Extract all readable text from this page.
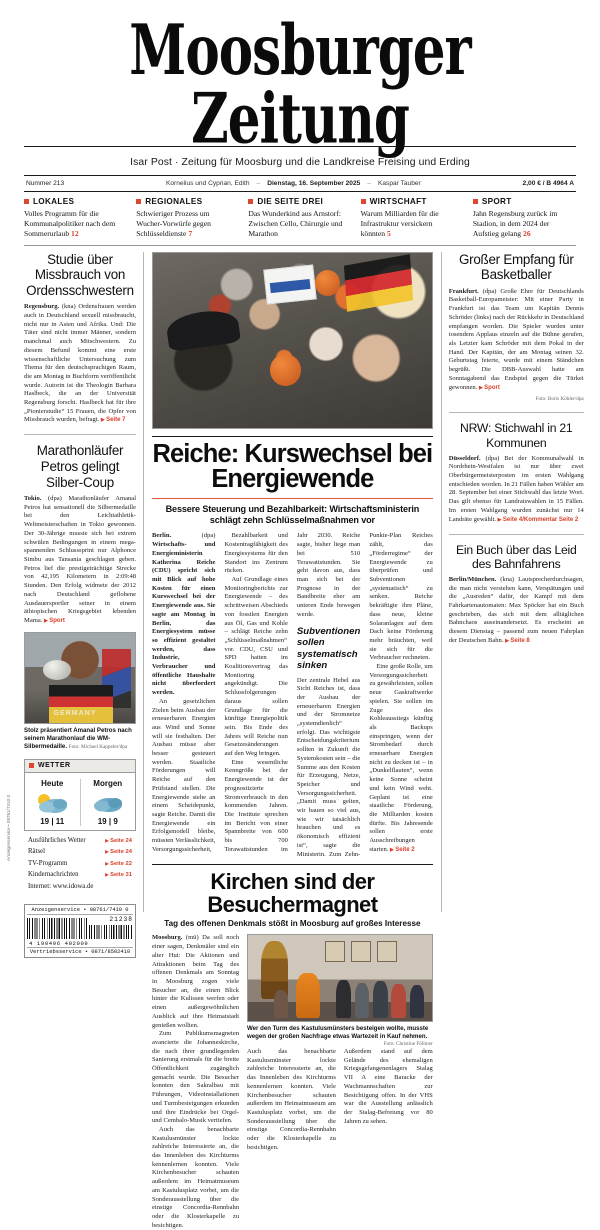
Moosburger Zeitung
Isar Post · Zeitung für Moosburg und die Landkreise Freising und Erding
Nummer 213	Kornelius und Cyprian, Edith – Dienstag, 16. September 2025 – Kaspar Tauber	2,00 € / B 4964 A
LOKALES
Volles Programm für die Kommunalpolitiker nach dem Sommerurlaub 12
REGIONALES
Schwieriger Prozess um Wucher-Vorwürfe gegen Schlüsseldienste 7
DIE SEITE DREI
Das Wunderkind aus Arnstorf: Zwischen Cello, Chirurgie und Marathon
WIRTSCHAFT
Warum Milliarden für die Infrastruktur versickern könnten 5
SPORT
Jahn Regensburg zurück im Stadion, in dem 2024 der Aufstieg gelang 26
Studie über Missbrauch von Ordensschwestern

Regensburg. (kna) Ordensfrauen werden auch in Deutschland sexuell missbraucht, nicht nur in Asien und Afrika. Und: Die Täter sind nicht immer Männer, sondern manchmal auch Mitschwestern. Zu diesem Befund kommt eine erste wissenschaftliche Untersuchung zum Thema für den deutschsprachigen Raum, die am Montag in Buchform veröffentlicht wurde. Autorin ist die Theologin Barbara Haslbeck, die an der Universität Regensburg forscht. Haslbeck hat für ihre „Pionierstudie“ 15 Frauen, die Opfer von Missbrauch wurden, befragt. ▶ Seite 7

Marathonläufer Petros gelingt Silber-Coup

Tokio. (dpa) Marathonläufer Amanal Petros hat sensationell die Silbermedaille bei den Leichtathletik-Weltmeisterschaften in Tokio gewonnen. Der 30-Jährige musste sich bei extrem schwülen Bedingungen in einem mega-spannenden Schlusssprint nur Alphonce Simbu aus Tansania geschlagen geben. Petros lief die prestigeträchtige Strecke von 42,195 Kilometern in 2:09:48 Stunden. Den Erfolg widmete der 2012 nach Deutschland geflohene Ausdauersportler seiner in einem äthiopischen Kriegsgebiet lebenden Mama. ▶ Sport

GERMANY
Stolz präsentiert Amanal Petros nach seinem Marathonlauf die WM-Silbermedaille. Foto: Michael Kappeler/dpa
WETTER
Heute
19 | 11
Morgen
19 | 9
Ausführliches Wetter	▶ Seite 24
Rätsel	▶ Seite 24
TV-Programm	▶ Seite 22
Kindernachrichten	▶ Seite 31
Internet: www.idowa.de
Anzeigenservice • 08761/7410 0
21238
4 190496 402009
Vertriebsservice • 0871/8502410
Reiche: Kurswechsel bei Energiewende
Bessere Steuerung und Bezahlbarkeit: Wirtschaftsministerin schlägt zehn Schlüsselmaßnahmen vor

Berlin.	(dpa) Wirtschafts- und Energieministerin Katherina Reiche (CDU) spricht sich mit Blick auf hohe Kosten für einen Kurswechsel bei der Energiewende aus. Sie sagte am Montag in Berlin, das Energiesystem müsse so effizient gestaltet werden, dass Industrie, Verbraucher und öffentliche Haushalte nicht überfordert werden.

An gesetzlichen Zielen beim Ausbau der erneuerbaren Energien aus Wind und Sonne will sie festhalten. Der Ausbau müsse aber besser gesteuert werden. Staatliche Förderungen will Reiche auf den Prüfstand stellen. Die Energiewende stehe an einem Scheidepunkt, sagte Reiche. Damit die Energiewende ein Erfolgsmodell bleibe, müssten Verlässlichkeit, Versorgungssicherheit,

Bezahlbarkeit und Kostentragfähigkeit des Energiesystems für den Standort ins Zentrum rücken.

Auf Grundlage eines Monitoringberichts zur Energiewende – des schrittweisen Abschieds von fossilen Energien aus Öl, Gas und Kohle – schlägt Reiche zehn „Schlüsselmaßnahmen“ vor. CDU, CSU und SPD hatten im Koalitionsvertrag das Monitoring angekündigt. Die Schlussfolgerungen daraus sollen Grundlage für die künftige Energiepolitik sein. Bis Ende des Jahres will Reiche nun Gesetzesänderungen auf den Weg bringen.

Eine wesentliche Kenngröße bei der Energiewende ist der prognostizierte Stromverbrauch in den kommenden Jahren. Die Institute sprechen im Bericht von einer Spannbreite von 600 bis 700 Terawattstunden im Jahr 2030. Reiche sagte, bisher liege man bei 510 Terawattstunden. Sie geht davon aus, dass man sich bei der Prognose in der Bandbreite eher am unteren Ende bewegen werde.

Subventionen sollen systematisch sinken

Der zentrale Hebel aus Sicht Reiches ist, dass der Ausbau der erneuerbaren Energien und der Stromnetze „systemdienlich“ erfolgt. Das wichtigste Entscheidungskriterium sollten in Zukunft die Systemkosten sein – die Summe aus den Kosten für Erzeugung, Netze, Speicher und Versorgungssicherheit. „Damit muss gelten, wir bauen so viel aus, wie wir tatsächlich brauchen und es ökonomisch effizient ist“, sagte die Ministerin. Zum Zehn-Punkte-Plan Reiches zählt, das „Förderregime“ der Energiewende zu überprüfen und Subventionen „systematisch“ zu senken. Reiche bekräftigte ihre Pläne, dass neue, kleine Solaranlagen auf dem Dach keine Förderung mehr bräuchten, weil sie sich für die Verbraucher rechneten.

Eine große Rolle, um Versorgungssicherheit zu gewährleisten, sollen neue Gaskraftwerke spielen. Sie sollen im Zuge des Kohleausstiegs künftig als Backups einspringen, wenn der Strombedarf durch erneuerbare Energien nicht zu decken ist – in „Dunkelflauten“, wenn keine Sonne scheint und kein Wind weht. Geplant ist eine staatliche Förderung, die Milliarden kosten dürfte. Bis Jahresende sollen erste Ausschreibungen starten. ▶ Seite 2

Kirchen sind der Besuchermagnet
Tag des offenen Denkmals stößt in Moosburg auf großes Interesse

Moosburg. (mü) Da soll noch einer sagen, Denkmäler sind ein alter Hut: Die Aktionen und Attraktionen beim Tag des offenen Denkmals am Sonntag in Moosburg zogen viele Besucher an, die einen Blick hinter die Kulissen werfen oder einen außergewöhnlichen Ausblick auf ihre Heimatstadt genießen wollten.

Zum Publikumsmagneten avancierte die Johanneskirche, die nach ihrer grundlegenden Sanierung erstmals für die breite Öffentlichkeit zugänglich gemacht wurde. Die Besucher konnten den Sakralbau mit Führungen, Videoinstallationen und Turmbesteigungen erkunden und ihre Eindrücke bei Orgel- und Cembalo-Musik vertiefen.

Auch das benachbarte Kastulusmünster lockte zahlreiche Interessierte an, die das Innenleben des Kirchturms kennenlernen konnten. Viele Kirchenbesucher schauten außerdem im Heimatmuseum am Kastulusplatz vorbei, um die Sonderausstellung über die einstige Concordia-Rennbahn oder die Klosterkapelle zu besichtigen.

Wer den Turm des Kastulusmünsters besteigen wollte, musste wegen der großen Nachfrage etwas Wartezeit in Kauf nehmen.
Foto: Christine Föllmer

Auch das benachbarte Kastulusmünster lockte zahlreiche Interessierte an, die das Innenleben des Kirchturms kennenlernen konnten. Viele Kirchenbesucher schauten außerdem im Heimatmuseum am Kastulusplatz vorbei, um die Sonderausstellung über die einstige Concordia-Rennbahn oder die Klosterkapelle zu besichtigen.

Außerdem stand auf dem Gelände des ehemaligen Kriegsgefangenenlagers Stalag VII A eine Baracke der Wachmannschaften zur Besichtigung offen. In der VHS war die Ausstellung anlässlich der Stalag-Befreiung vor 80 Jahren zu sehen.

Großer Empfang für Basketballer

Frankfurt. (dpa) Große Ehre für Deutschlands Basketball-Europameister: Mit einer Party in Frankfurt ist das Team um Kapitän Dennis Schröder (links) nach der Rückkehr in Deutschland empfangen worden. Die Spieler wurden unter tosendem Applaus einzeln auf die Bühne gerufen, als Letzter kam Schröder mit dem Pokal in der Hand. Der Kapitän, der am Montag seinen 32. Geburtstag feierte, wurde mit einem Ständchen begrüßt. Die DBB-Auswahl hatte am Sonntagabend das Endspiel gegen die Türkei gewonnen. ▶ Sport

Foto: Boris Köhler/dpa
NRW: Stichwahl in 21 Kommunen

Düsseldorf. (dpa) Bei der Kommunalwahl in Nordrhein-Westfalen ist nur über zwei Oberbürgermeisterposten im ersten Wahlgang entschieden worden. In 21 Fällen haben Wähler am 28. September bei einer Stichwahl das letzte Wort. Das gilt ebenso für Landratswahlen in 15 Fällen. Im ersten Wahlgang wurden zunächst nur 14 Landräte gewählt. ▶ Seite 4/Kommentar Seite 2

Ein Buch über das Leid des Bahnfahrens

Berlin/München. (kna) Lautsprecherdurchsagen, die man nicht verstehen kann, Verspätungen und die „Ausreden“ dafür, der Kampf mit dem Fahrkartenautomaten: Max Spöcker hat ein Buch geschrieben, das sich mit dem alltäglichen Bahnchaos auseinandersetzt. Es erscheint an diesem Dienstag – passend zum neuen Fahrplan der Deutschen Bahn. ▶ Seite 8

Anzeigenservice • 08761/7410 0
